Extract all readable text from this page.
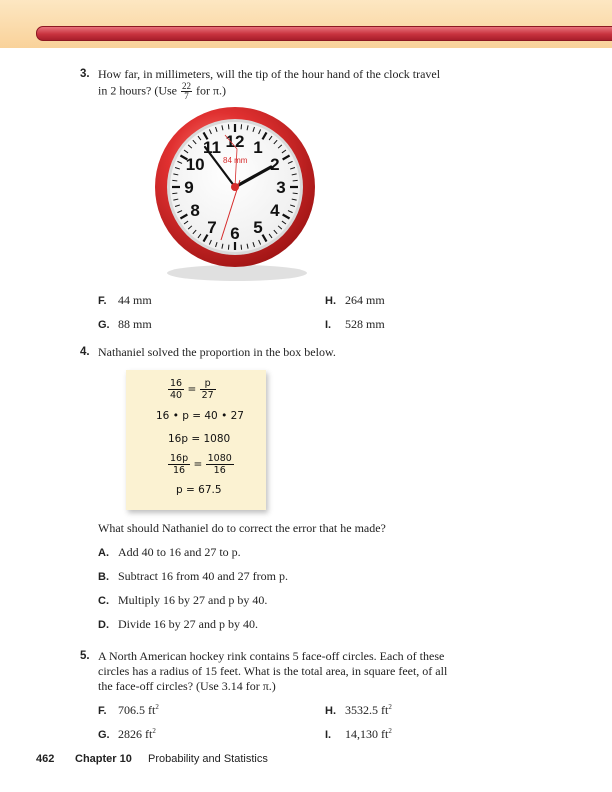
3. How far, in millimeters, will the tip of the hour hand of the clock travel
in 2 hours? ($Use \frac{22}{7}$ for π.)
12 1
2
3
4
5
6
7
8
9
10
11
84 mm
F. 44 mm
G. 88 mm
H. 264 mm
I. 528 mm
4. Nathaniel solved the proportion in the box below.
$\frac{16}{40} = \frac{p}{27}$
16 • p = 40 • 27
16p = 1080
$\frac{16p}{16} = \frac{1080}{16}$
p = 67.5
What should Nathaniel do to correct the error that he made?
A. Add 40 to 16 and 27 to p.
B. Subtract 16 from 40 and 27 from p.
C. Multiply 16 by 27 and p by 40.
D. Divide 16 by 27 and p by 40.
5. A North American hockey rink contains 5 face-off circles. Each of these
circles has a radius of 15 feet. What is the total area, in square feet, of all
the face-off circles? (Use 3.14 for π.)
F. 706.5 $ft^2$
G. 2826 $ft^2$
H. 3532.5 $ft^2$
I. 14,130 $ft^2$
462 Chapter 10 Probability and Statistics
